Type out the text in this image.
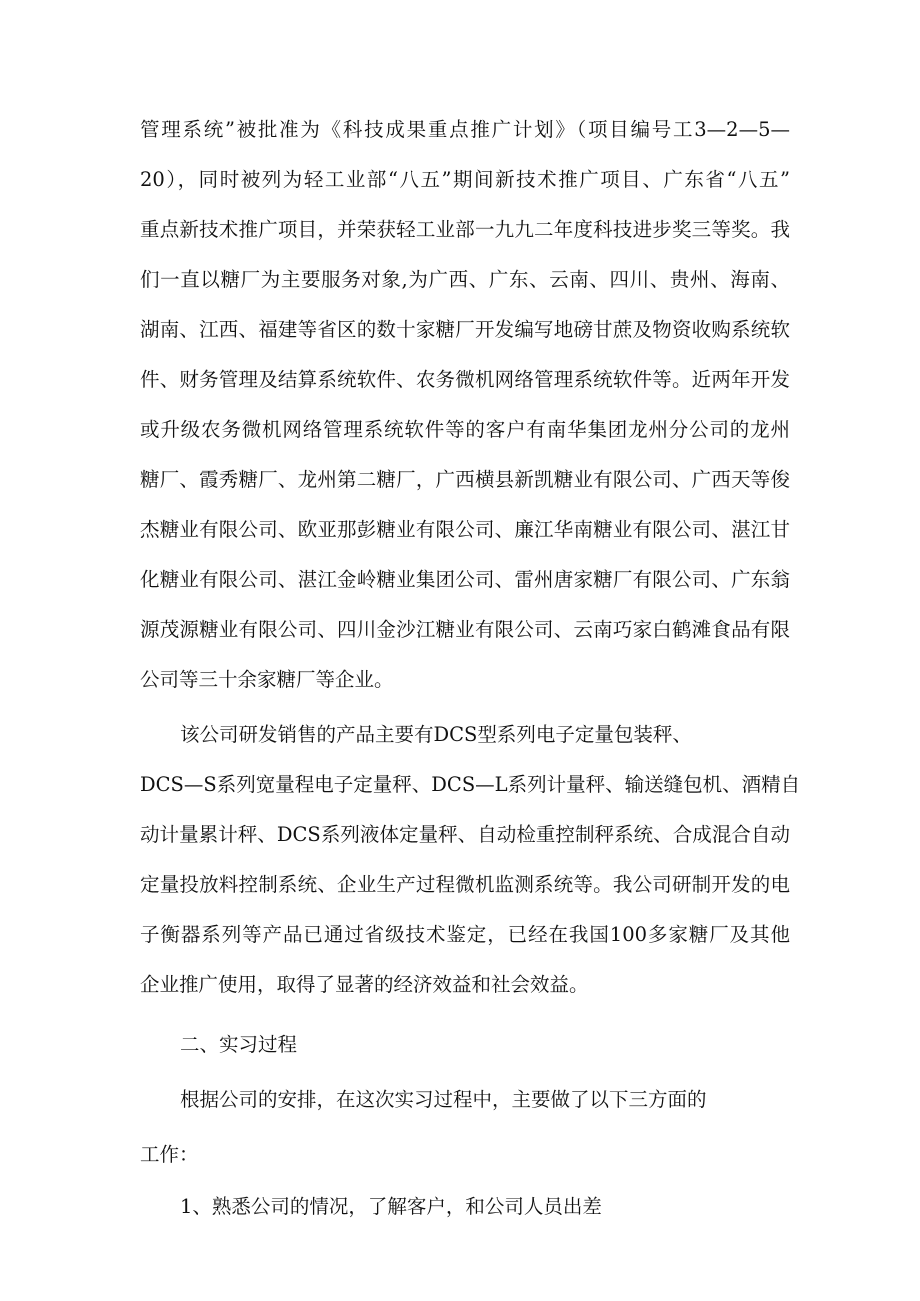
管理系统”被批准为《科技成果重点推广计划》（项目编号工3—2—5—
20），同时被列为轻工业部“八五”期间新技术推广项目、广东省“八五”
重点新技术推广项目，并荣获轻工业部一九九二年度科技进步奖三等奖。我
们一直以糖厂为主要服务对象,为广西、广东、云南、四川、贵州、海南、
湖南、江西、福建等省区的数十家糖厂开发编写地磅甘蔗及物资收购系统软
件、财务管理及结算系统软件、农务微机网络管理系统软件等。近两年开发
或升级农务微机网络管理系统软件等的客户有南华集团龙州分公司的龙州
糖厂、霞秀糖厂、龙州第二糖厂，广西横县新凯糖业有限公司、广西天等俊
杰糖业有限公司、欧亚那彭糖业有限公司、廉江华南糖业有限公司、湛江甘
化糖业有限公司、湛江金岭糖业集团公司、雷州唐家糖厂有限公司、广东翁
源茂源糖业有限公司、四川金沙江糖业有限公司、云南巧家白鹤滩食品有限
公司等三十余家糖厂等企业。
该公司研发销售的产品主要有DCS型系列电子定量包装秤、
DCS—S系列宽量程电子定量秤、DCS—L系列计量秤、输送缝包机、酒精自
动计量累计秤、DCS系列液体定量秤、自动检重控制秤系统、合成混合自动
定量投放料控制系统、企业生产过程微机监测系统等。我公司研制开发的电
子衡器系列等产品已通过省级技术鉴定，已经在我国100多家糖厂及其他
企业推广使用，取得了显著的经济效益和社会效益。
二、实习过程
根据公司的安排，在这次实习过程中，主要做了以下三方面的
工作：
1、熟悉公司的情况，了解客户，和公司人员出差
